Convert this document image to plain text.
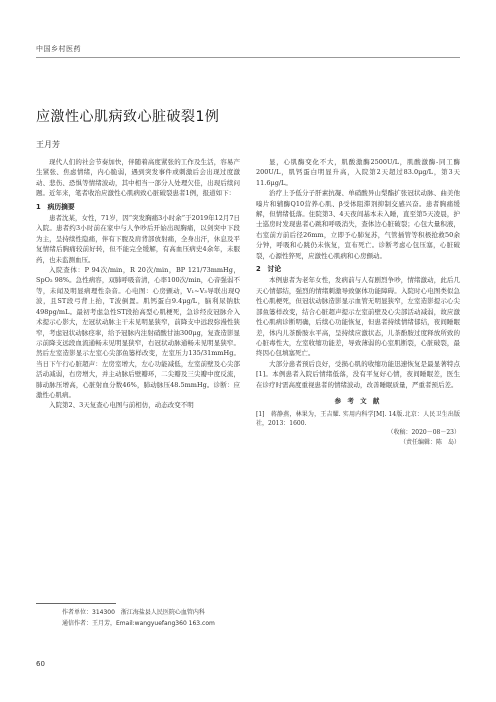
中国乡村医药
应激性心肌病致心脏破裂1例
王月芳

现代人们的社会节奏加快，伴随着高度紧张的工作及生活，容易产生紧张、焦虑情绪，内心脆弱，遇到突发事件或刺激后会出现过度激动、悲伤、恐惧等情绪波动，其中相当一部分人处理欠佳，出现后续问题。近年来，笔者收治应激性心肌病致心脏破裂患者1例，报道如下：

1　病历摘要

患者沈某，女性，71岁，因“突发胸痛3小时余”于2019年12月7日入院。患者约3小时前在家中与人争吵后开始出现胸痛，以剑突中下段为主，呈持续性隐痛，伴有下腹及肩背部放射痛，全身出汗，休息及平复情绪后胸痛较前好转，但不能完全缓解，有高血压病史4余年，未服药，也未监测血压。

入院查体：P 94次/min，R 20次/min，BP 121/73mmHg，SpO₂ 98%。急性病容，双肺呼吸音清，心率100次/min，心音强弱不等，未闻及明显病理性杂音。心电图：心房颤动，V₁~V₃导联出现Q波，且ST段弓背上抬，T波倒置。肌钙蛋白9.4μg/L，脑利尿钠肽498pg/mL。最初考虑急性ST段抬高型心肌梗死，急诊经皮冠脉介入术提示心影大，左冠状动脉主干未见明显狭窄，前降支中远段弥漫性狭窄，考虑冠状动脉痉挛，给予冠脉内注射硝酸甘油300μg，复查造影显示前降支远段血流通畅未见明显狭窄，右冠状动脉通畅未见明显狭窄。然后左室造影显示左室心尖部鱼篓样改变，左室压力135/31mmHg。当日下午行心脏超声：左房室增大，左心功能减低，左室前壁及心尖部活动减弱，右房增大，并主动脉后壁瓣环，二尖瓣及三尖瓣中度反流，肺动脉压增高，心脏射血分数46%，肺动脉压48.5mmHg。诊断：应激性心肌病。

入院第2、3天复查心电图与前相仿，动态改变不明

显，心肌酶变化不大，肌酸激酶2500U/L，肌酸激酶-同工酶200U/L，肌钙蛋白明显升高，入院第2天超过83.0μg/L，第3天11.6μg/L。

治疗上予低分子肝素抗凝、单硝酸异山梨酯扩张冠状动脉、曲美他嗪片和辅酶Q10营养心肌、β受体阻滞剂抑制交感兴奋。患者胸痛缓解，但情绪低落。住院第3、4天夜间基本未入睡，直至第5天凌晨，护士巡房时发现患者心跳和呼吸消失，查体边心脏破裂；心包大量积液，右室前方前后径26mm，立即予心肺复苏，气管插管等积极抢救50余分钟，呼吸和心跳仍未恢复，宣布死亡。诊断考虑心包压塞，心脏破裂，心源性猝死，应激性心肌病和心房颤动。

2　讨论

本例患者为老年女性，发病前与人有剧烈争吵，情绪激动，此后几天心情郁结，强烈的情绪刺激导致躯体功能障碍。入院时心电图类似急性心肌梗死，但冠状动脉造影显示血管无明显狭窄，左室造影提示心尖部鱼篓样改变，结合心脏超声提示左室前壁及心尖部活动减弱，故应激性心肌病诊断明确，后续心功能恢复，但患者持续情绪郁结，夜间睡眠差，体内儿茶酚胺水平高，呈持续应激状态，儿茶酚胺过度释放所致的心脏毒性大，左室收缩功能差，导致薄弱的心室肌断裂，心脏破裂，最终因心包填塞死亡。

大部分患者预后良好，受损心肌的收缩功能迅速恢复是最显著特点[1]。本例患者入院后情绪低落，没有平复好心情，夜间睡眠差，医生在诊疗时需高度重视患者的情绪波动，改善睡眠质量，严重者预后差。

参 考 文 献

[1]　蒋静燕，林果为，王吉耀. 实用内科学[M]. 14版.北京：人民卫生出版社，2013：1600.

（收稿：2020－08－23）

（责任编辑：陈　岛）

作者单位：314300　浙江海盐县人民医院心血管内科
通信作者：王月芳，Email:wangyuefang360 163.com
60
